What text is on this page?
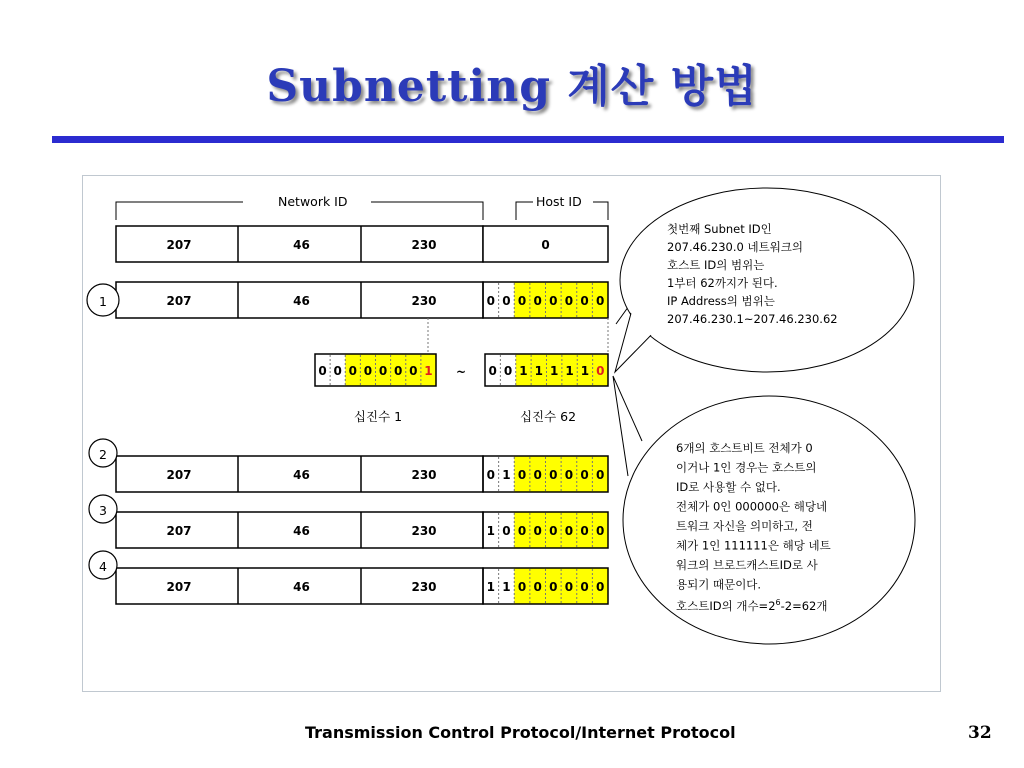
Subnetting 계산 방법
Network ID	Host ID
207	46	230	0
207	46	230	0 0 0 0 0 0 0 0
1
207	46	230	0 1 0 0 0 0 0 0
2
207	46	230	1 0 0 0 0 0 0 0
3
207	46	230	1 1 0 0 0 0 0 0
4
0 0 0 0 0 0 0 1	0 0 1 1 1 1 1 0
~
십진수 1	십진수 62
첫번째 Subnet ID인
207.46.230.0 네트워크의
호스트 ID의 범위는
1부터 62까지가 된다.
IP Address의 범위는
207.46.230.1~207.46.230.62
6개의 호스트비트 전체가 0
이거나 1인 경우는 호스트의
ID로 사용할 수 없다.
전체가 0인 000000은 해당네
트워크 자신을 의미하고, 전
체가 1인 111111은 해당 네트
워크의 브로드캐스트ID로 사
용되기 때문이다.
호스트ID의 개수$=2^6-2=62$개
Transmission Control Protocol/Internet Protocol	32
